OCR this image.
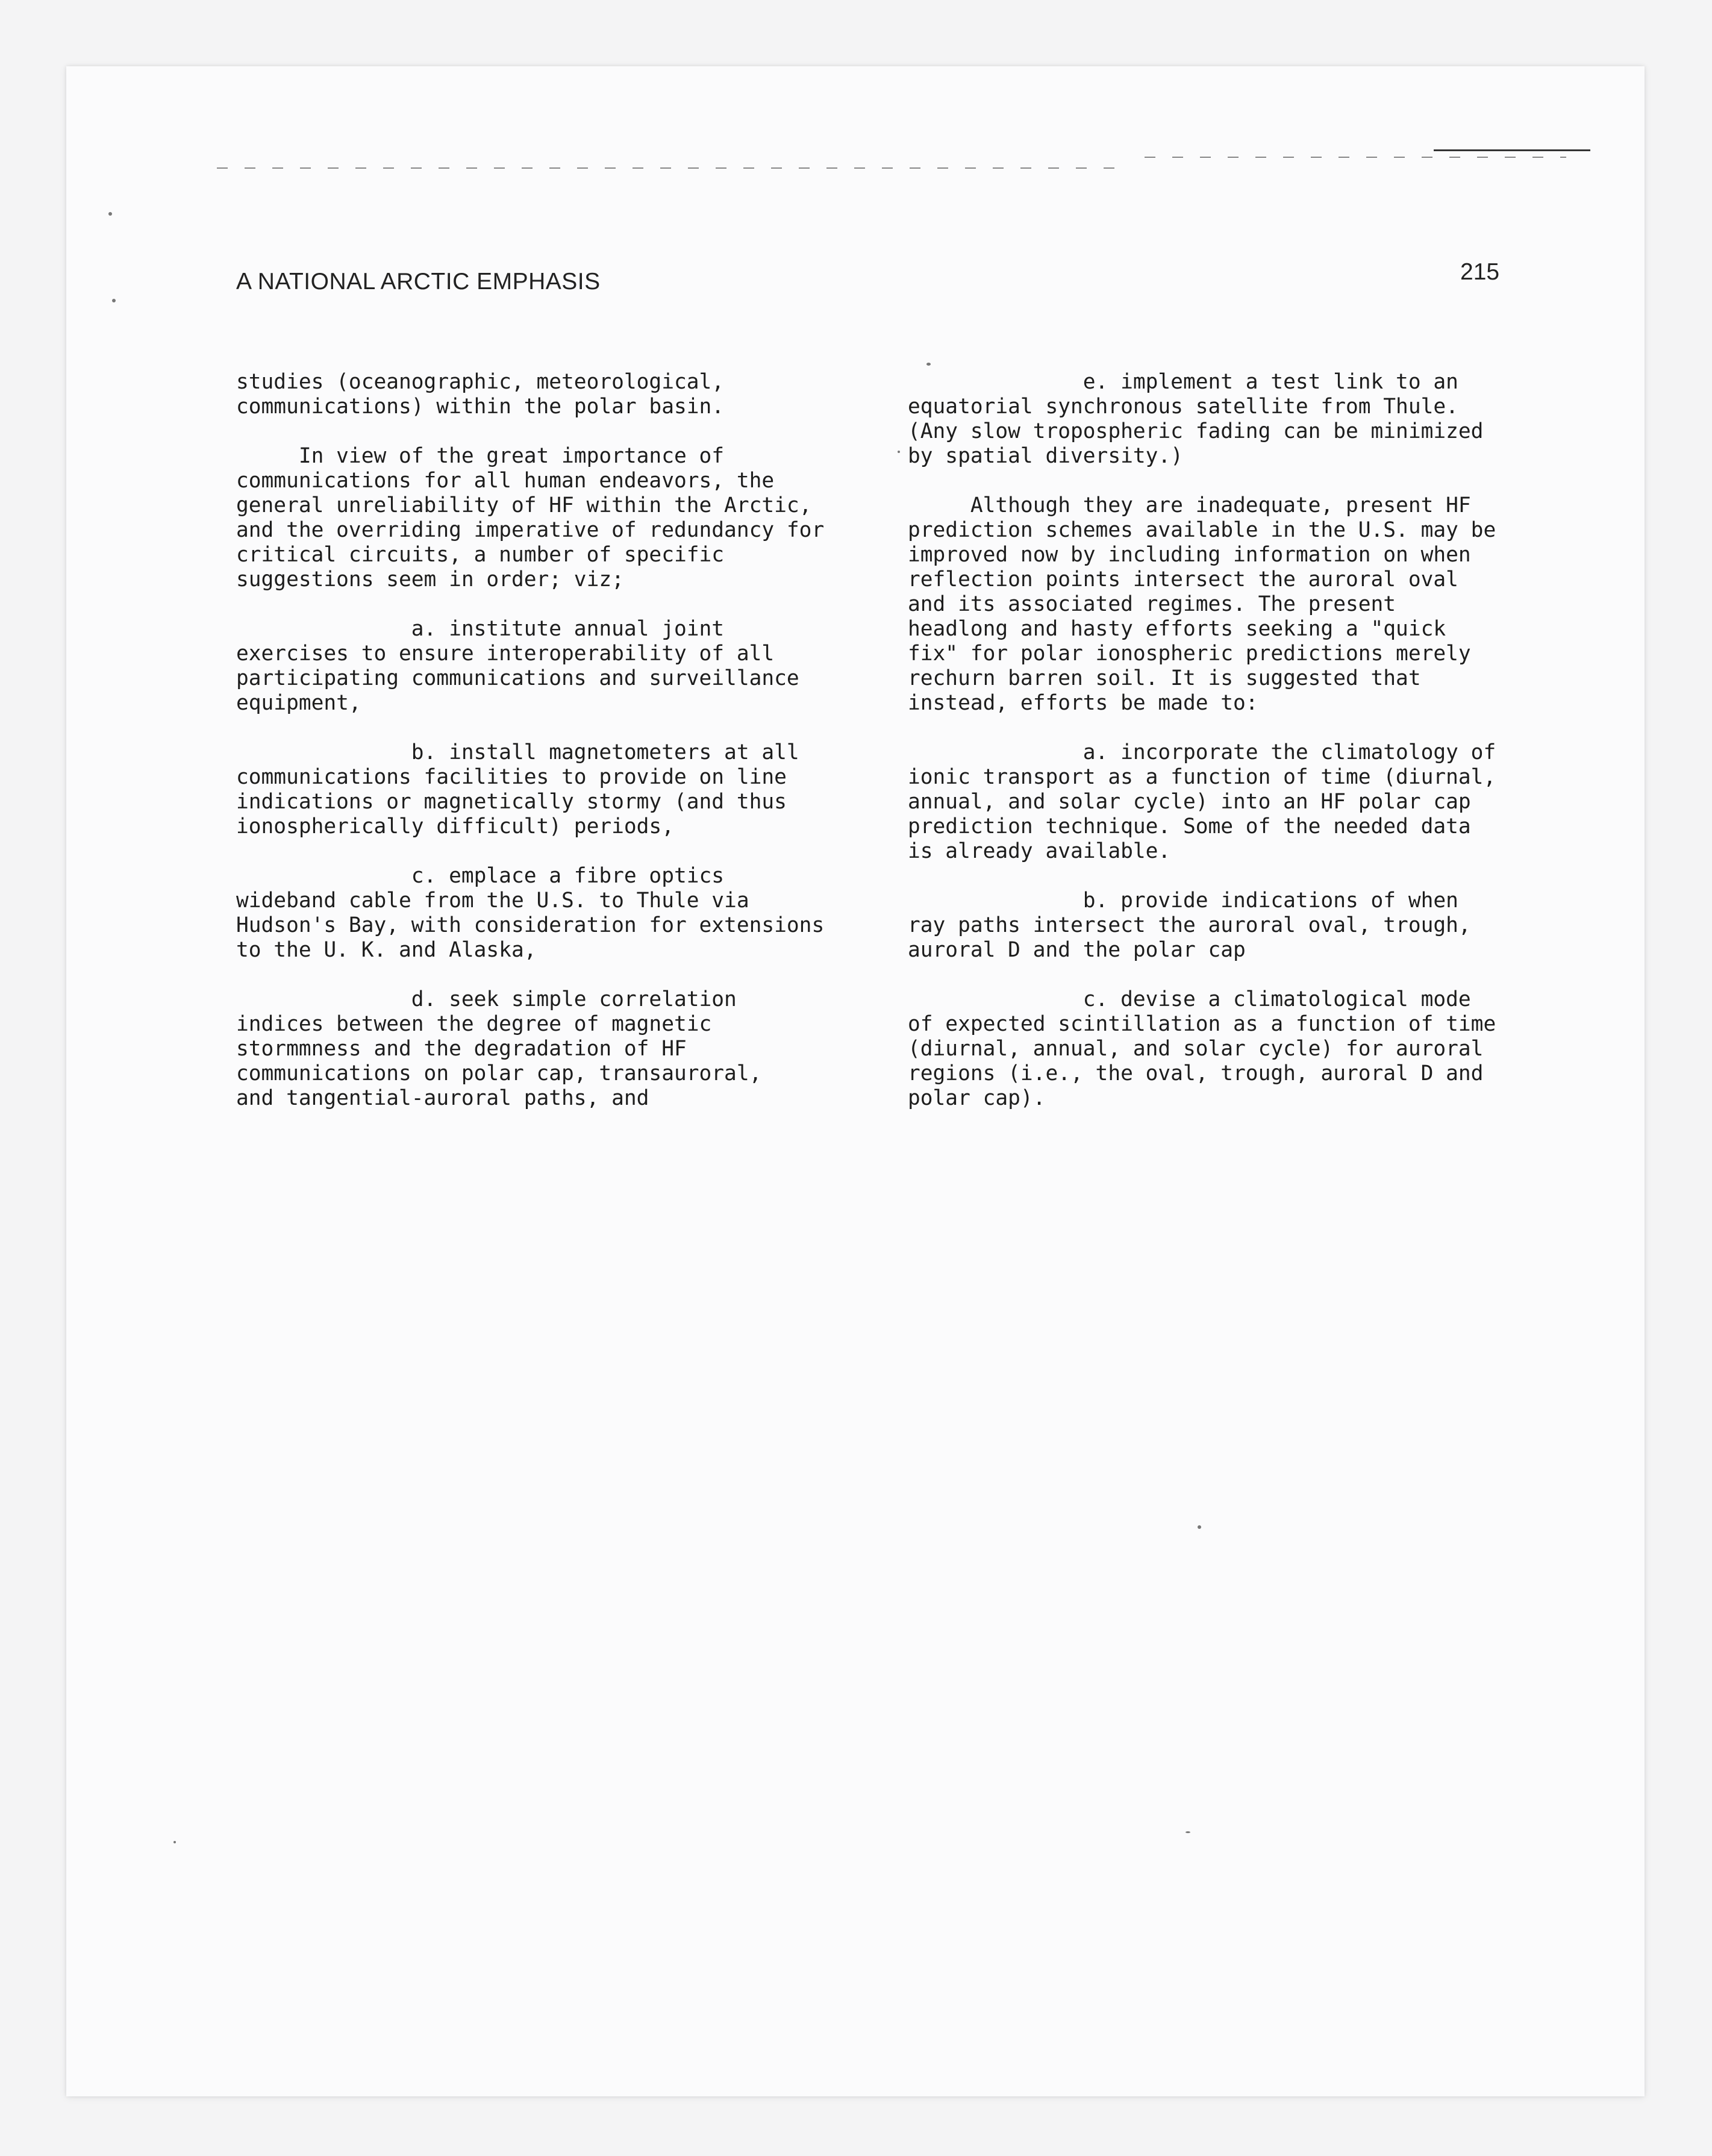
A NATIONAL ARCTIC EMPHASIS	215
studies (oceanographic, meteorological,
communications) within the polar basin.
In view of the great importance of
communications for all human endeavors, the
general unreliability of HF within the Arctic,
and the overriding imperative of redundancy for
critical circuits, a number of specific
suggestions seem in order; viz;
a. institute annual joint
exercises to ensure interoperability of all
participating communications and surveillance
equipment,
b. install magnetometers at all
communications facilities to provide on line
indications or magnetically stormy (and thus
ionospherically difficult) periods,
c. emplace a fibre optics
wideband cable from the U.S. to Thule via
Hudson's Bay, with consideration for extensions
to the U. K. and Alaska,
d. seek simple correlation
indices between the degree of magnetic
stormmness and the degradation of HF
communications on polar cap, transauroral,
and tangential-auroral paths, and
e. implement a test link to an
equatorial synchronous satellite from Thule.
(Any slow tropospheric fading can be minimized
by spatial diversity.)
Although they are inadequate, present HF
prediction schemes available in the U.S. may be
improved now by including information on when
reflection points intersect the auroral oval
and its associated regimes. The present
headlong and hasty efforts seeking a "quick
fix" for polar ionospheric predictions merely
rechurn barren soil. It is suggested that
instead, efforts be made to:
a. incorporate the climatology of
ionic transport as a function of time (diurnal,
annual, and solar cycle) into an HF polar cap
prediction technique. Some of the needed data
is already available.
b. provide indications of when
ray paths intersect the auroral oval, trough,
auroral D and the polar cap
c. devise a climatological mode
of expected scintillation as a function of time
(diurnal, annual, and solar cycle) for auroral
regions (i.e., the oval, trough, auroral D and
polar cap).
